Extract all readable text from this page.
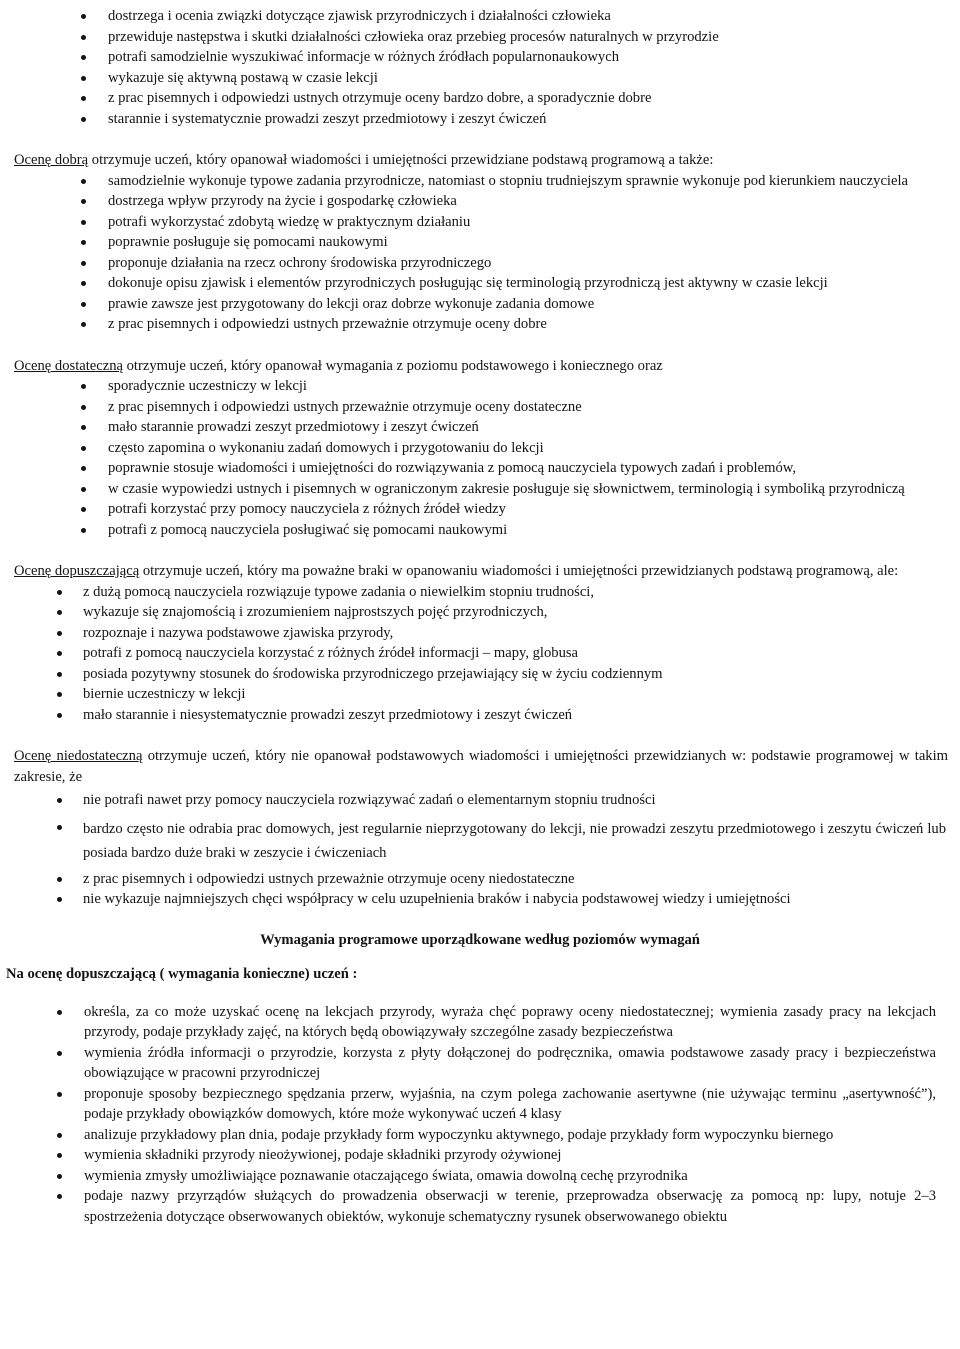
dostrzega i ocenia związki dotyczące zjawisk przyrodniczych i działalności człowieka
przewiduje następstwa i skutki działalności człowieka oraz przebieg procesów naturalnych w przyrodzie
potrafi samodzielnie wyszukiwać informacje w różnych źródłach popularnonaukowych
wykazuje się aktywną postawą w czasie lekcji
z prac pisemnych i odpowiedzi ustnych otrzymuje oceny bardzo dobre, a sporadycznie dobre
starannie i systematycznie prowadzi zeszyt przedmiotowy i zeszyt ćwiczeń
Ocenę dobrą otrzymuje uczeń, który opanował wiadomości i umiejętności przewidziane podstawą programową a także:
samodzielnie wykonuje typowe zadania przyrodnicze, natomiast o stopniu trudniejszym sprawnie wykonuje pod kierunkiem nauczyciela
dostrzega wpływ przyrody na życie i gospodarkę człowieka
potrafi wykorzystać zdobytą wiedzę w praktycznym działaniu
poprawnie posługuje się pomocami naukowymi
proponuje działania na rzecz ochrony środowiska przyrodniczego
dokonuje opisu zjawisk i elementów przyrodniczych posługując się terminologią przyrodniczą jest aktywny w czasie lekcji
prawie zawsze jest przygotowany do lekcji oraz dobrze wykonuje zadania domowe
z prac pisemnych i odpowiedzi ustnych przeważnie otrzymuje oceny dobre
Ocenę dostateczną otrzymuje uczeń, który opanował wymagania z poziomu podstawowego i koniecznego oraz
sporadycznie uczestniczy w lekcji
z prac pisemnych i odpowiedzi ustnych przeważnie otrzymuje oceny dostateczne
mało starannie prowadzi zeszyt przedmiotowy i zeszyt ćwiczeń
często zapomina o wykonaniu zadań domowych i przygotowaniu do lekcji
poprawnie stosuje wiadomości i umiejętności do rozwiązywania z pomocą nauczyciela typowych zadań i problemów,
w czasie wypowiedzi ustnych i pisemnych w ograniczonym zakresie posługuje się słownictwem, terminologią i symboliką przyrodniczą
potrafi korzystać przy pomocy nauczyciela z różnych źródeł wiedzy
potrafi z pomocą nauczyciela posługiwać się pomocami naukowymi
Ocenę dopuszczającą otrzymuje uczeń, który ma poważne braki w opanowaniu wiadomości i umiejętności przewidzianych podstawą programową, ale:
z dużą pomocą nauczyciela rozwiązuje typowe zadania o niewielkim stopniu trudności,
wykazuje się znajomością i zrozumieniem najprostszych pojęć przyrodniczych,
rozpoznaje i nazywa podstawowe zjawiska przyrody,
potrafi z pomocą nauczyciela korzystać z różnych źródeł informacji – mapy, globusa
posiada pozytywny stosunek do środowiska przyrodniczego przejawiający się w życiu codziennym
biernie uczestniczy w lekcji
mało starannie i niesystematycznie prowadzi zeszyt przedmiotowy i zeszyt ćwiczeń
Ocenę niedostateczną otrzymuje uczeń, który nie opanował podstawowych wiadomości i umiejętności przewidzianych w: podstawie programowej w takim zakresie, że
nie potrafi nawet przy pomocy nauczyciela rozwiązywać zadań o elementarnym stopniu trudności
bardzo często nie odrabia prac domowych, jest regularnie nieprzygotowany do lekcji, nie prowadzi zeszytu przedmiotowego i zeszytu ćwiczeń lub posiada bardzo duże braki w zeszycie i ćwiczeniach
z prac pisemnych i odpowiedzi ustnych przeważnie otrzymuje oceny niedostateczne
nie wykazuje najmniejszych chęci współpracy w celu uzupełnienia braków i nabycia podstawowej wiedzy i umiejętności
Wymagania programowe uporządkowane według poziomów wymagań
Na ocenę dopuszczającą ( wymagania konieczne) uczeń :
określa, za co może uzyskać ocenę na lekcjach przyrody, wyraża chęć poprawy oceny niedostatecznej; wymienia zasady pracy na lekcjach przyrody, podaje przykłady zajęć, na których będą obowiązywały szczególne zasady bezpieczeństwa
wymienia źródła informacji o przyrodzie, korzysta z płyty dołączonej do podręcznika, omawia podstawowe zasady pracy i bezpieczeństwa obowiązujące w pracowni przyrodniczej
proponuje sposoby bezpiecznego spędzania przerw, wyjaśnia, na czym polega zachowanie asertywne (nie używając terminu „asertywność”), podaje przykłady obowiązków domowych, które może wykonywać uczeń 4 klasy
analizuje przykładowy plan dnia, podaje przykłady form wypoczynku aktywnego, podaje przykłady form wypoczynku biernego
wymienia składniki przyrody nieożywionej, podaje składniki przyrody ożywionej
wymienia zmysły umożliwiające poznawanie otaczającego świata, omawia dowolną cechę przyrodnika
podaje nazwy przyrządów służących do prowadzenia obserwacji w terenie, przeprowadza obserwację za pomocą np: lupy, notuje 2–3 spostrzeżenia dotyczące obserwowanych obiektów, wykonuje schematyczny rysunek obserwowanego obiektu
